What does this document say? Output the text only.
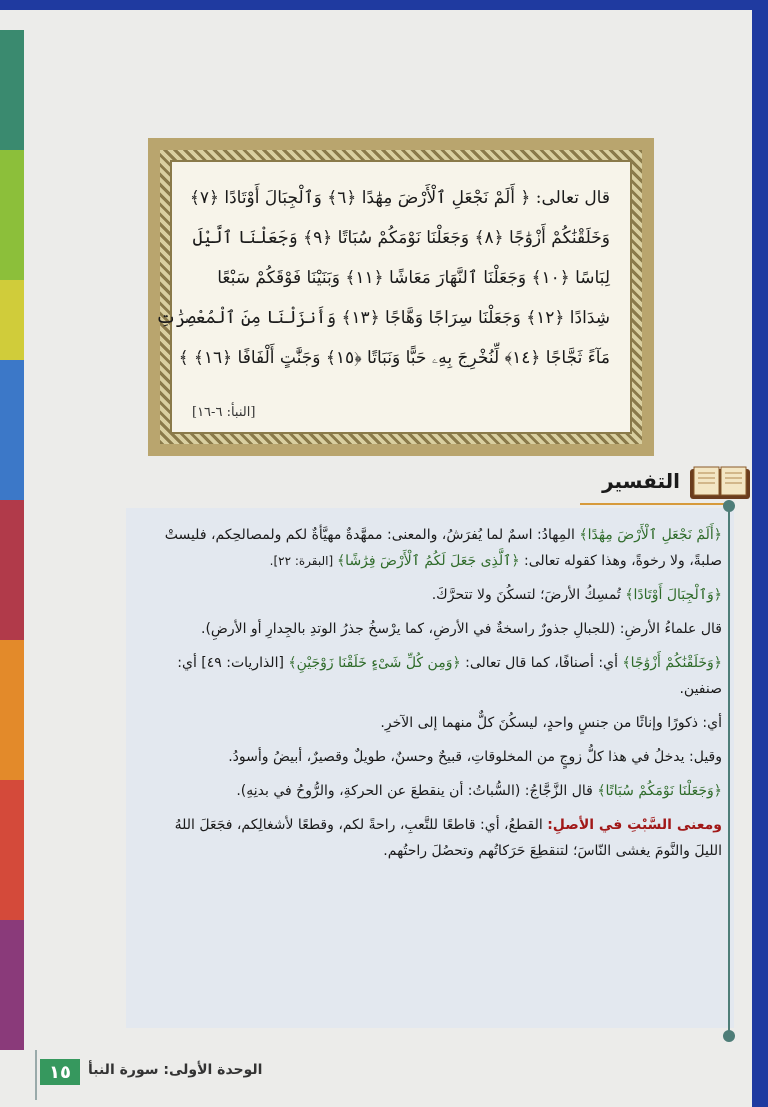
قال تعالى: ﴿ أَلَمْ نَجْعَلِ ٱلْأَرْضَ مِهَٰدًا ﴿٦﴾ وَٱلْجِبَالَ أَوْتَادًا ﴿٧﴾
وَخَلَقْنَٰكُمْ أَزْوَٰجًا ﴿٨﴾ وَجَعَلْنَا نَوْمَكُمْ سُبَاتًا ﴿٩﴾ وَجَعَلْنَا ٱلَّيْلَ
لِبَاسًا ﴿١٠﴾ وَجَعَلْنَا ٱلنَّهَارَ مَعَاشًا ﴿١١﴾ وَبَنَيْنَا فَوْقَكُمْ سَبْعًا
شِدَادًا ﴿١٢﴾ وَجَعَلْنَا سِرَاجًا وَهَّاجًا ﴿١٣﴾ وَأَنزَلْنَا مِنَ ٱلْمُعْصِرَٰتِ
مَآءً ثَجَّاجًا ﴿١٤﴾ لِّنُخْرِجَ بِهِۦ حَبًّا وَنَبَاتًا ﴿١٥﴾ وَجَنَّٰتٍ أَلْفَافًا ﴿١٦﴾ ﴾
[النبأ: ٦-١٦]
التفسير

﴿أَلَمْ نَجْعَلِ ٱلْأَرْضَ مِهَٰدًا﴾ المِهادُ: اسمٌ لما يُفرَشُ، والمعنى: ممهَّدةٌ مهيَّأةٌ لكم ولمصالحِكم، فليستْ صلبةً، ولا رخوةً، وهذا كقوله تعالى: ﴿ٱلَّذِى جَعَلَ لَكُمُ ٱلْأَرْضَ فِرَٰشًا﴾ [البقرة: ٢٢].

﴿وَٱلْجِبَالَ أَوْتَادًا﴾ تُمسِكُ الأرضَ؛ لتسكُنَ ولا تتحرَّكَ.

قال علماءُ الأرضِ: (للجبالِ جذورٌ راسخةٌ في الأرضِ، كما يرْسخُ جذرُ الوتدِ بالجِدارِ أو الأرضِ).

﴿وَخَلَقْنَٰكُمْ أَزْوَٰجًا﴾ أي: أصنافًا، كما قال تعالى: ﴿وَمِن كُلِّ شَىْءٍ خَلَقْنَا زَوْجَيْنِ﴾ [الذاريات: ٤٩] أي: صنفين.

أي: ذكورًا وإناثًا من جنسٍ واحدٍ، ليسكُنَ كلٌّ منهما إلى الآخرِ.

وقيل: يدخلُ في هذا كلُّ زوجٍ من المخلوقاتِ، قبيحٌ وحسنٌ، طويلٌ وقصيرٌ، أبيضُ وأسودُ.

﴿وَجَعَلْنَا نَوْمَكُمْ سُبَاتًا﴾ قال الزَّجَّاجُ: (السُّباتُ: أن ينقطعَ عن الحركةِ، والرُّوحُ في بدنِهِ).

ومعنى السَّبْتِ في الأصلِ: القطعُ، أي: قاطعًا للتَّعبِ، راحةً لكم، وقطعًا لأشغالِكم، فجَعَلَ اللهُ الليلَ والنَّومَ يغشى النّاسَ؛ لتنقطِعَ حَرَكاتُهم وتحصُلَ راحتُهم.

١٥	الوحدة الأولى: سورة النبأ
